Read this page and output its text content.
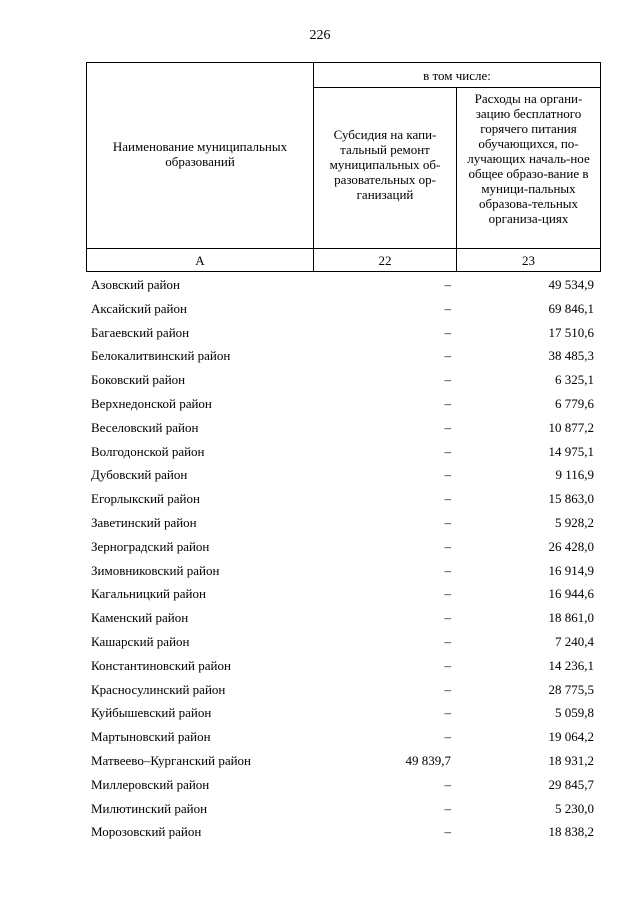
226
Наименование муниципальных образований
в том числе:
Субсидия на капи-тальный ремонт муниципальных об-разовательных ор-ганизаций
Расходы на органи-зацию бесплатного горячего питания обучающихся, по-лучающих началь-ное общее образо-вание в муници-пальных образова-тельных организа-циях
А	22	23
Азовский район	–	49 534,9
Аксайский район	–	69 846,1
Багаевский район	–	17 510,6
Белокалитвинский район	–	38 485,3
Боковский район	–	6 325,1
Верхнедонской район	–	6 779,6
Веселовский район	–	10 877,2
Волгодонской район	–	14 975,1
Дубовский район	–	9 116,9
Егорлыкский район	–	15 863,0
Заветинский район	–	5 928,2
Зерноградский район	–	26 428,0
Зимовниковский район	–	16 914,9
Кагальницкий район	–	16 944,6
Каменский район	–	18 861,0
Кашарский район	–	7 240,4
Константиновский район	–	14 236,1
Красносулинский район	–	28 775,5
Куйбышевский район	–	5 059,8
Мартыновский район	–	19 064,2
Матвеево–Курганский район	49 839,7	18 931,2
Миллеровский район	–	29 845,7
Милютинский район	–	5 230,0
Морозовский район	–	18 838,2
